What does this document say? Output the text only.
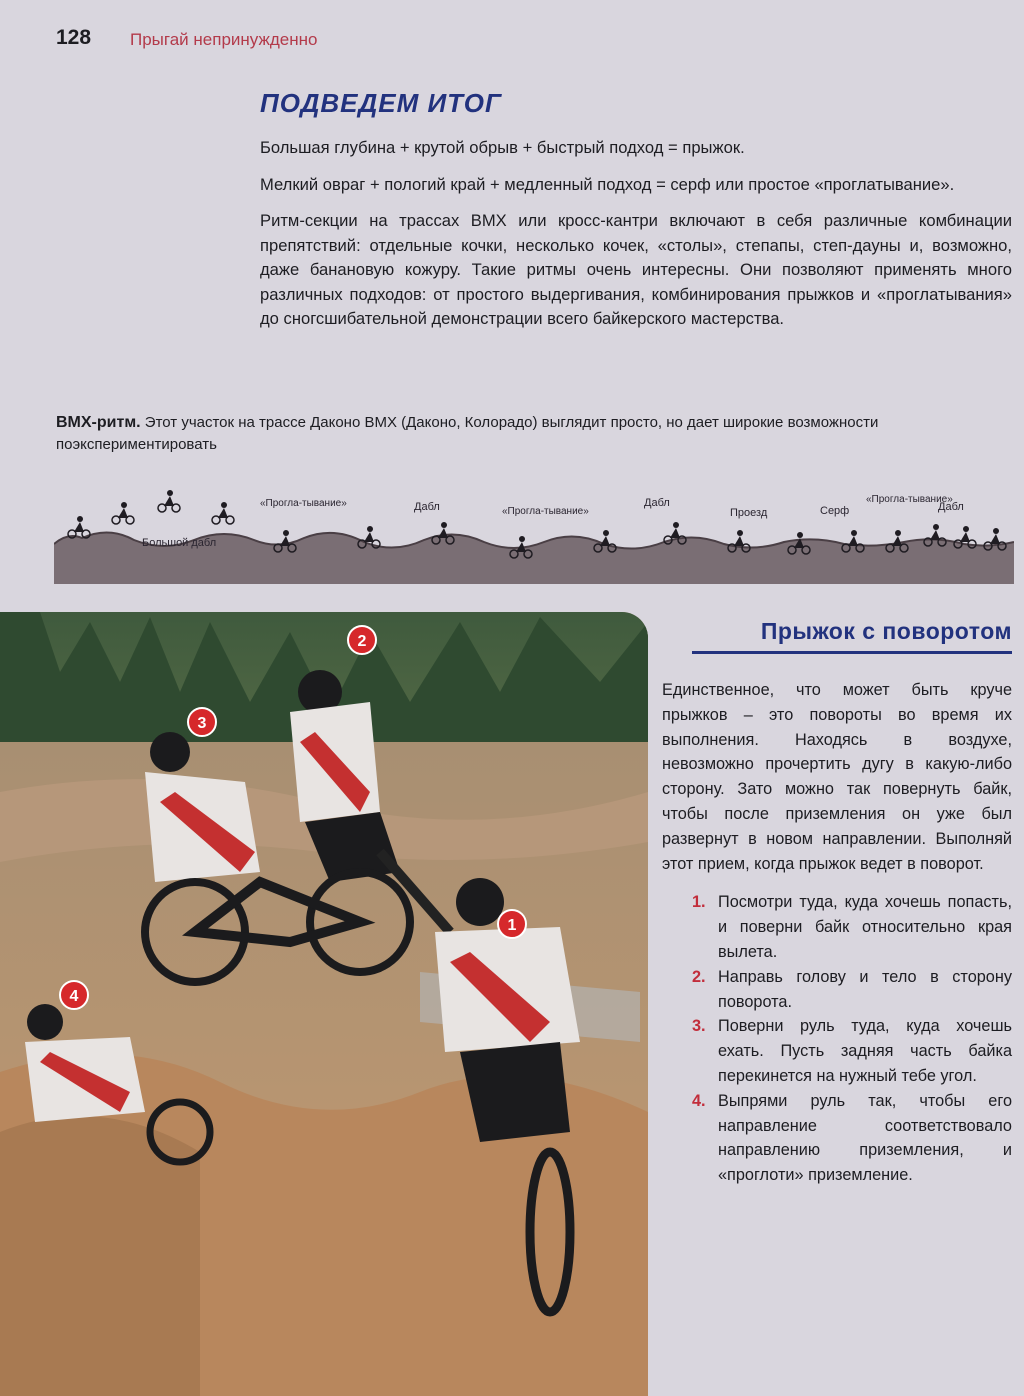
128 Прыгай непринужденно
ПОДВЕДЕМ ИТОГ

Большая глубина + крутой обрыв + быстрый подход = прыжок.

Мелкий овраг + пологий край + медленный подход = серф или простое «проглатывание».

Ритм-секции на трассах BMX или кросс-кантри включают в себя различные комбинации препятствий: отдельные кочки, несколько кочек, «столы», степапы, степ-дауны и, возможно, даже банановую кожуру. Такие ритмы очень интересны. Они позволяют применять много различных подходов: от простого выдергивания, комбинирования прыжков и «проглатывания» до сногсшибательной демонстрации всего байкерского мастерства.

BMX-ритм. Этот участок на трассе Даконо BMX (Даконо, Колорадо) выглядит просто, но дает широкие возможности поэкспериментировать
Большой дабл
«Прогла-тывание»	Дабл	«Прогла-тывание»
Дабл
Проезд	Серф
«Прогла-тывание»
Дабл
2
3
1
4
Прыжок с поворотом
Единственное, что может быть круче прыжков – это повороты во время их выполнения. Находясь в воздухе, невозможно прочертить дугу в какую-либо сторону. Зато можно так повернуть байк, чтобы после приземления он уже был развернут в новом направлении. Выполняй этот прием, когда прыжок ведет в поворот.
1. Посмотри туда, куда хочешь попасть, и поверни байк относительно края вылета.
2. Направь голову и тело в сторону поворота.
3. Поверни руль туда, куда хочешь ехать. Пусть задняя часть байка перекинется на нужный тебе угол.
4. Выпрями руль так, чтобы его направление соответствовало направлению приземления, и «проглоти» приземление.
